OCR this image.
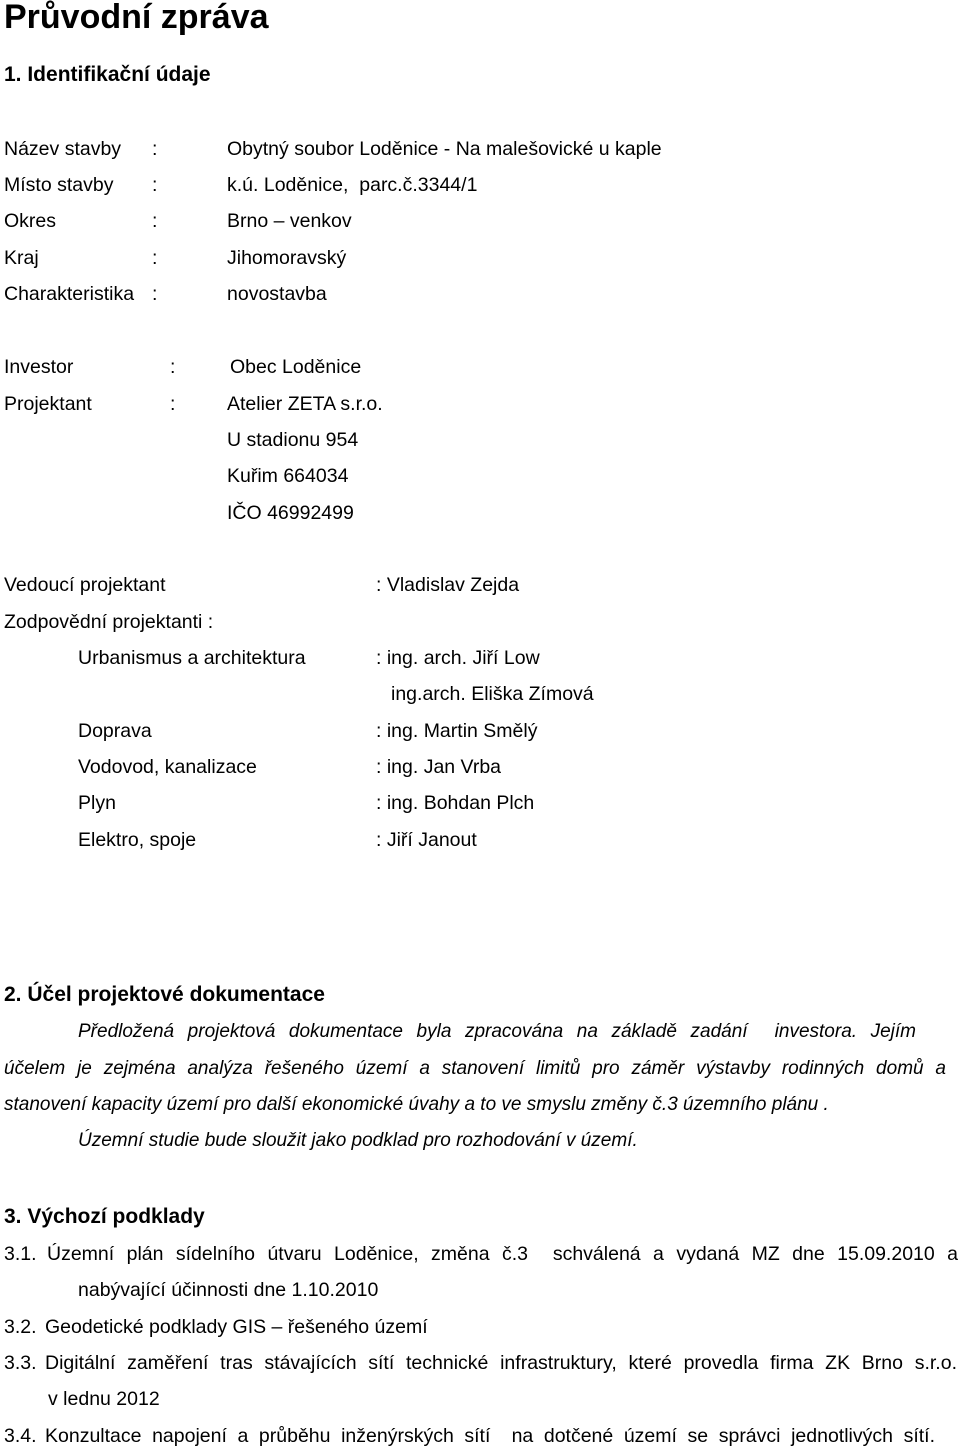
Průvodní zpráva
1. Identifikační údaje
Název stavby :	Obytný soubor Loděnice - Na malešovické u kaple
Místo stavby :	k.ú. Loděnice,  parc.č.3344/1
Okres	:	Brno – venkov
Kraj	:	Jihomoravský
Charakteristika :	novostavba
Investor	:	Obec Loděnice
Projektant	:	Atelier ZETA s.r.o.
U stadionu 954
Kuřim 664034
IČO 46992499
Vedoucí projektant	: Vladislav Zejda
Zodpovědní projektanti :
Urbanismus a architektura	: ing. arch. Jiří Low
ing.arch. Eliška Zímová
Doprava	: ing. Martin Smělý
Vodovod, kanalizace	: ing. Jan Vrba
Plyn	: ing. Bohdan Plch
Elektro, spoje	: Jiří Janout
2. Účel projektové dokumentace
Předložená projektová dokumentace byla zpracována na základě zadání  investora. Jejím
účelem je zejména analýza řešeného území a stanovení limitů pro záměr výstavby rodinných domů a
stanovení kapacity území pro další ekonomické úvahy a to ve smyslu změny č.3 územního plánu .
Územní studie bude sloužit jako podklad pro rozhodování v území.
3. Výchozí podklady
3.1. Územní plán sídelního útvaru Loděnice, změna č.3  schválená a vydaná MZ dne 15.09.2010 a
nabývající účinnosti dne 1.10.2010
3.2. Geodetické podklady GIS – řešeného území
3.3. Digitální zaměření tras stávajících sítí technické infrastruktury, které provedla firma ZK Brno s.r.o.
v lednu 2012
3.4. Konzultace napojení a průběhu inženýrských sítí  na dotčené území se správci jednotlivých sítí.
